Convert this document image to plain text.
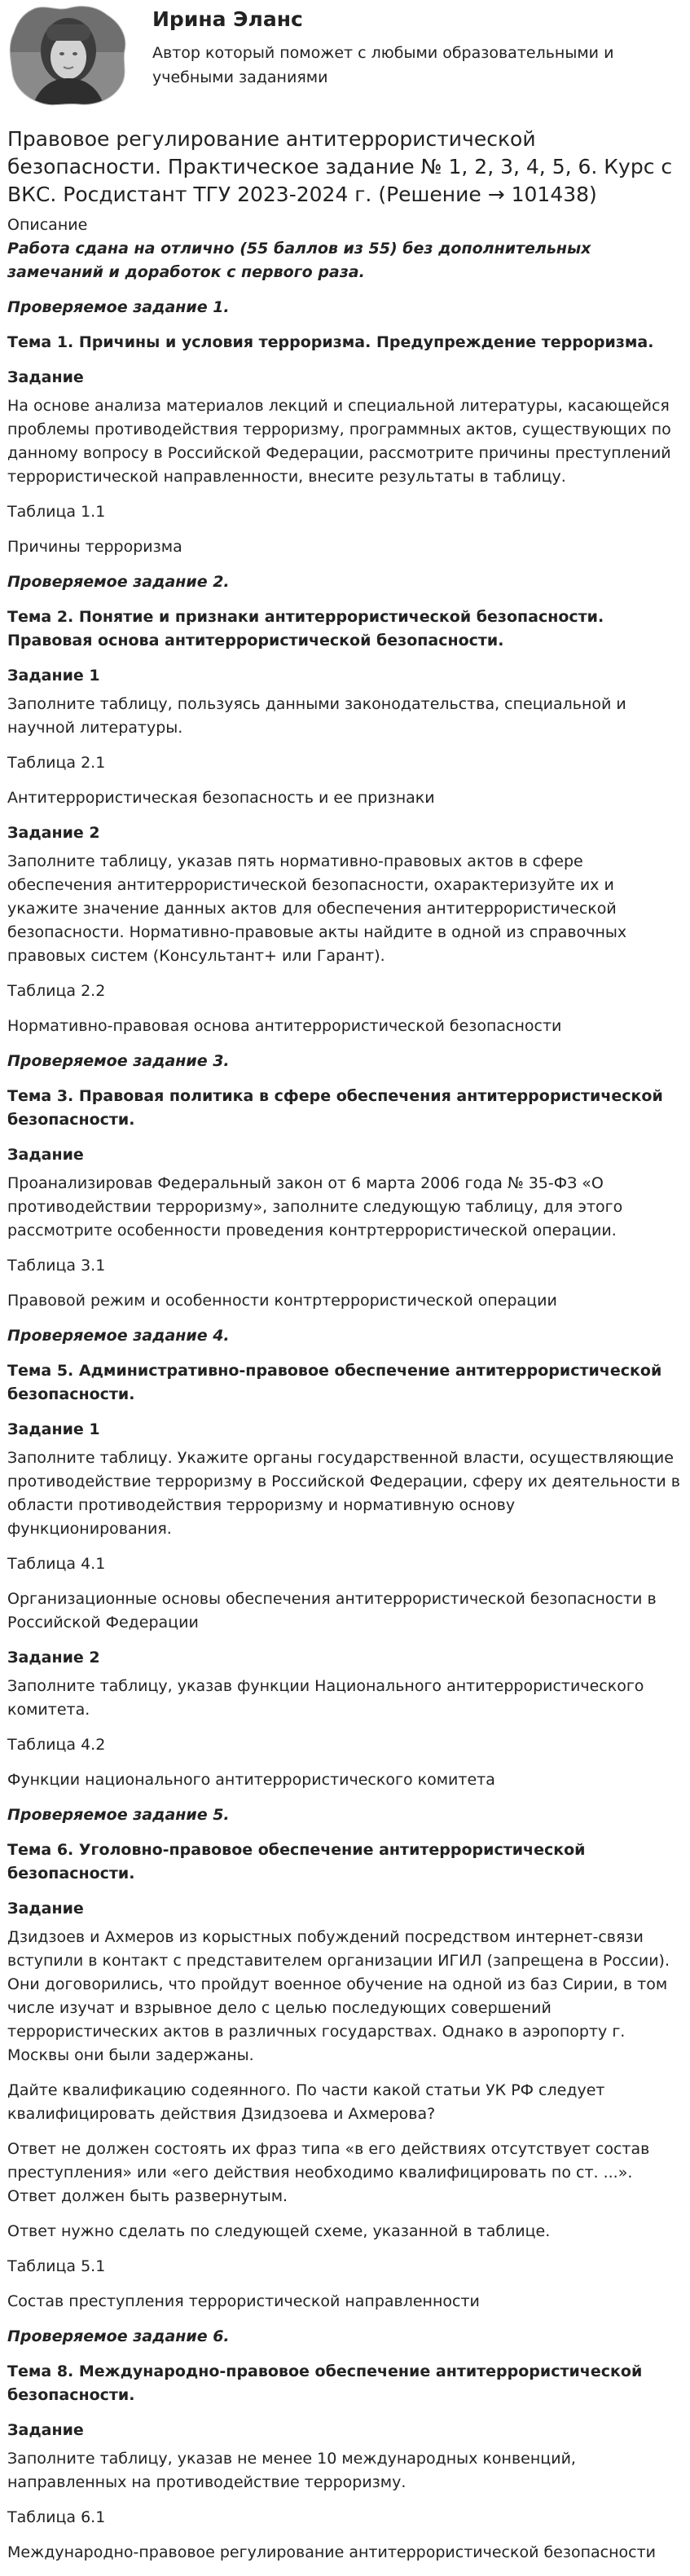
Ирина Эланс
Автор который поможет с любыми образовательными и учебными заданиями
Правовое регулирование антитеррористической безопасности. Практическое задание № 1, 2, 3, 4, 5, 6. Курс с ВКС. Росдистант ТГУ 2023-2024 г. (Решение → 101438)
Описание
Работа сдана на отлично (55 баллов из 55) без дополнительных замечаний и доработок с первого раза.
Проверяемое задание 1.
Тема 1. Причины и условия терроризма. Предупреждение терроризма.
Задание
На основе анализа материалов лекций и специальной литературы, касающейся проблемы противодействия терроризму, программных актов, существующих по данному вопросу в Российской Федерации, рассмотрите причины преступлений террористической направленности, внесите результаты в таблицу.
Таблица 1.1
Причины терроризма
Проверяемое задание 2.
Тема 2. Понятие и признаки антитеррористической безопасности. Правовая основа антитеррористической безопасности.
Задание 1
Заполните таблицу, пользуясь данными законодательства, специальной и научной литературы.
Таблица 2.1
Антитеррористическая безопасность и ее признаки
Задание 2
Заполните таблицу, указав пять нормативно-правовых актов в сфере обеспечения антитеррористической безопасности, охарактеризуйте их и укажите значение данных актов для обеспечения антитеррористической безопасности. Нормативно-правовые акты найдите в одной из справочных правовых систем (Консультант+ или Гарант).
Таблица 2.2
Нормативно-правовая основа антитеррористической безопасности
Проверяемое задание 3.
Тема 3. Правовая политика в сфере обеспечения антитеррористической безопасности.
Задание
Проанализировав Федеральный закон от 6 марта 2006 года № 35-ФЗ «О противодействии терроризму», заполните следующую таблицу, для этого рассмотрите особенности проведения контртеррористической операции.
Таблица 3.1
Правовой режим и особенности контртеррористической операции
Проверяемое задание 4.
Тема 5. Административно-правовое обеспечение антитеррористической безопасности.
Задание 1
Заполните таблицу. Укажите органы государственной власти, осуществляющие противодействие терроризму в Российской Федерации, сферу их деятельности в области противодействия терроризму и нормативную основу функционирования.
Таблица 4.1
Организационные основы обеспечения антитеррористической безопасности в Российской Федерации
Задание 2
Заполните таблицу, указав функции Национального антитеррористического комитета.
Таблица 4.2
Функции национального антитеррористического комитета
Проверяемое задание 5.
Тема 6. Уголовно-правовое обеспечение антитеррористической безопасности.
Задание
Дзидзоев и Ахмеров из корыстных побуждений посредством интернет-связи вступили в контакт с представителем организации ИГИЛ (запрещена в России). Они договорились, что пройдут военное обучение на одной из баз Сирии, в том числе изучат и взрывное дело с целью последующих совершений террористических актов в различных государствах. Однако в аэропорту г. Москвы они были задержаны.
Дайте квалификацию содеянного. По части какой статьи УК РФ следует квалифицировать действия Дзидзоева и Ахмерова?
Ответ не должен состоять их фраз типа «в его действиях отсутствует состав преступления» или «его действия необходимо квалифицировать по ст. ...». Ответ должен быть развернутым.
Ответ нужно сделать по следующей схеме, указанной в таблице.
Таблица 5.1
Состав преступления террористической направленности
Проверяемое задание 6.
Тема 8. Международно-правовое обеспечение антитеррористической безопасности.
Задание
Заполните таблицу, указав не менее 10 международных конвенций, направленных на противодействие терроризму.
Таблица 6.1
Международно-правовое регулирование антитеррористической безопасности
